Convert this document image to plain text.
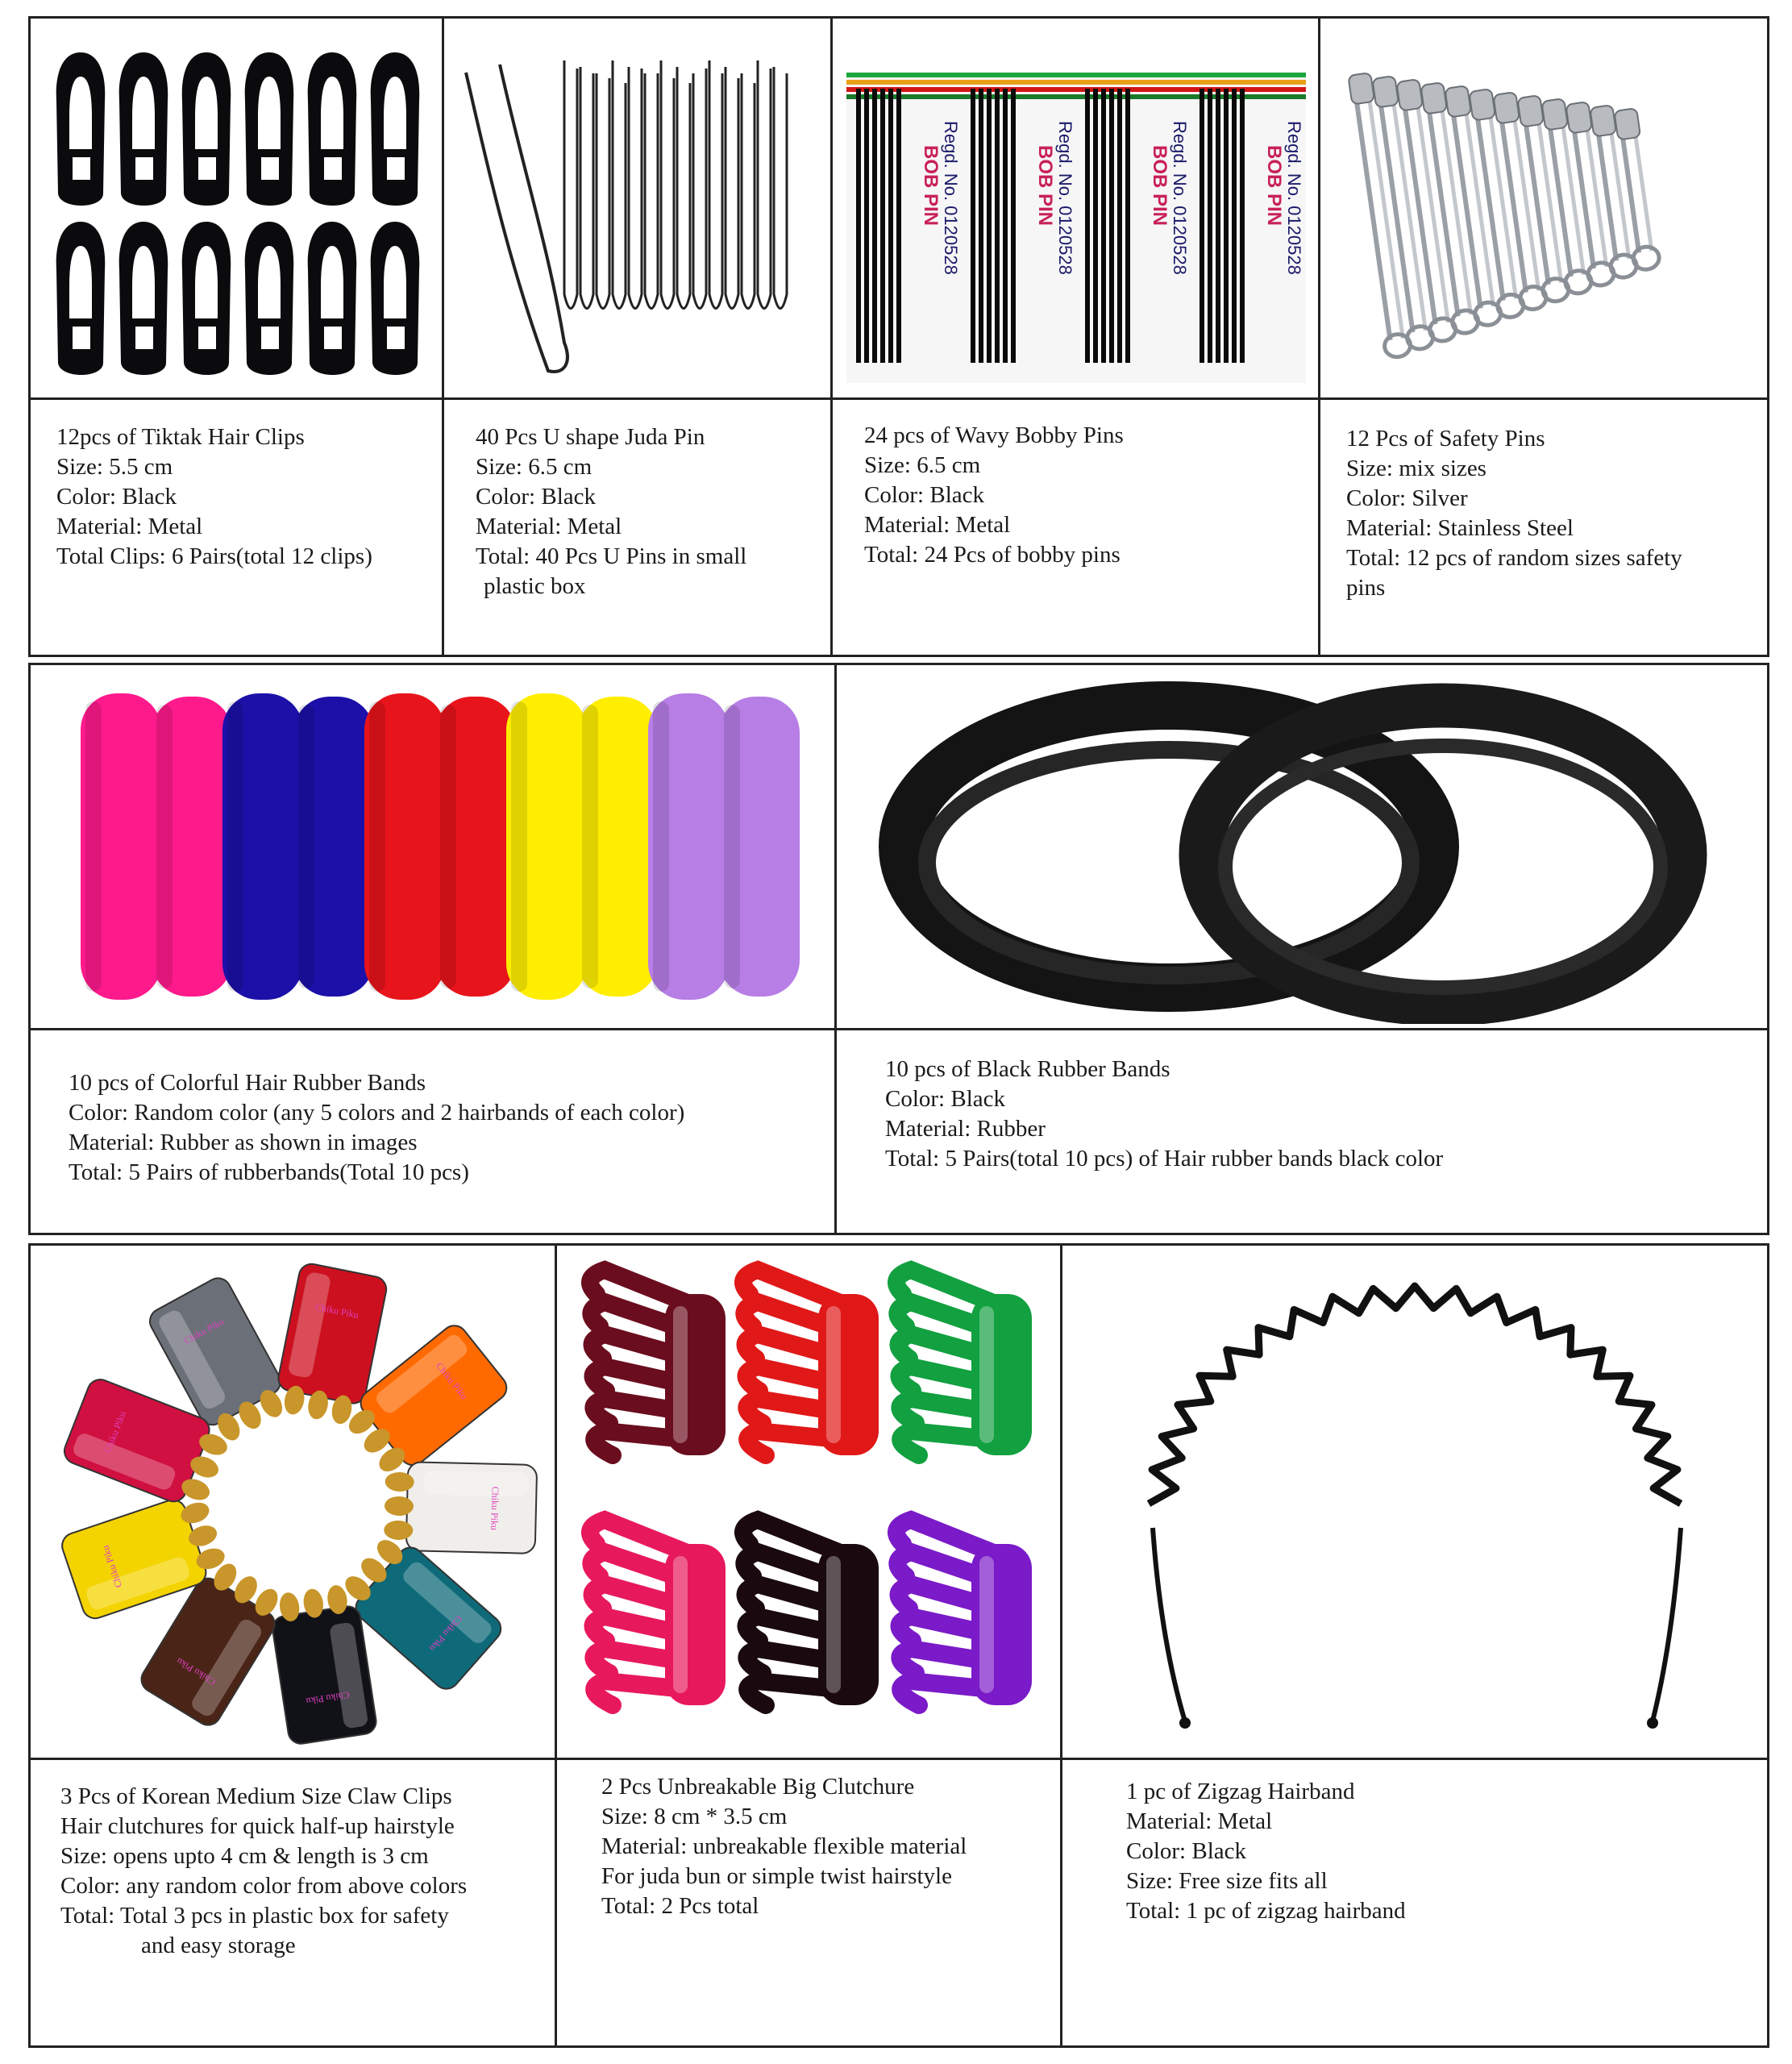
BOB PIN Regd. No. 0120528	BOB PIN Regd. No. 0120528	BOB PIN Regd. No. 0120528	BOB PIN Regd. No. 0120528
12pcs of Tiktak Hair Clips
Size: 5.5 cm
Color: Black
Material: Metal
Total Clips: 6 Pairs(total 12 clips)
40 Pcs U shape Juda Pin
Size: 6.5 cm
Color: Black
Material: Metal
Total: 40 Pcs U Pins in small
plastic box
24 pcs of Wavy Bobby Pins
Size: 6.5 cm
Color: Black
Material: Metal
Total: 24 Pcs of bobby pins
12 Pcs of Safety Pins
Size: mix sizes
Color: Silver
Material: Stainless Steel
Total: 12 pcs of random sizes safety
pins
10 pcs of Colorful Hair Rubber Bands
Color: Random color (any 5 colors and 2 hairbands of each color)
Material: Rubber as shown in images
Total: 5 Pairs of rubberbands(Total 10 pcs)
10 pcs of Black Rubber Bands
Color: Black
Material: Rubber
Total: 5 Pairs(total 10 pcs) of Hair rubber bands black color
Chiku Piku
Chiku Piku
Chiku Piku
Chiku Piku
Chiku Piku
Chiku Piku
Chiku Piku
Chiku Piku
Chiku Piku
3 Pcs of Korean Medium Size Claw Clips
Hair clutchures for quick half-up hairstyle
Size: opens upto 4 cm & length is 3 cm
Color: any random color from above colors
Total: Total 3 pcs in plastic box for safety
and easy storage
2 Pcs Unbreakable Big Clutchure
Size: 8 cm * 3.5 cm
Material: unbreakable flexible material
For juda bun or simple twist hairstyle
Total: 2 Pcs total
1 pc of Zigzag Hairband
Material: Metal
Color: Black
Size: Free size fits all
Total: 1 pc of zigzag hairband
